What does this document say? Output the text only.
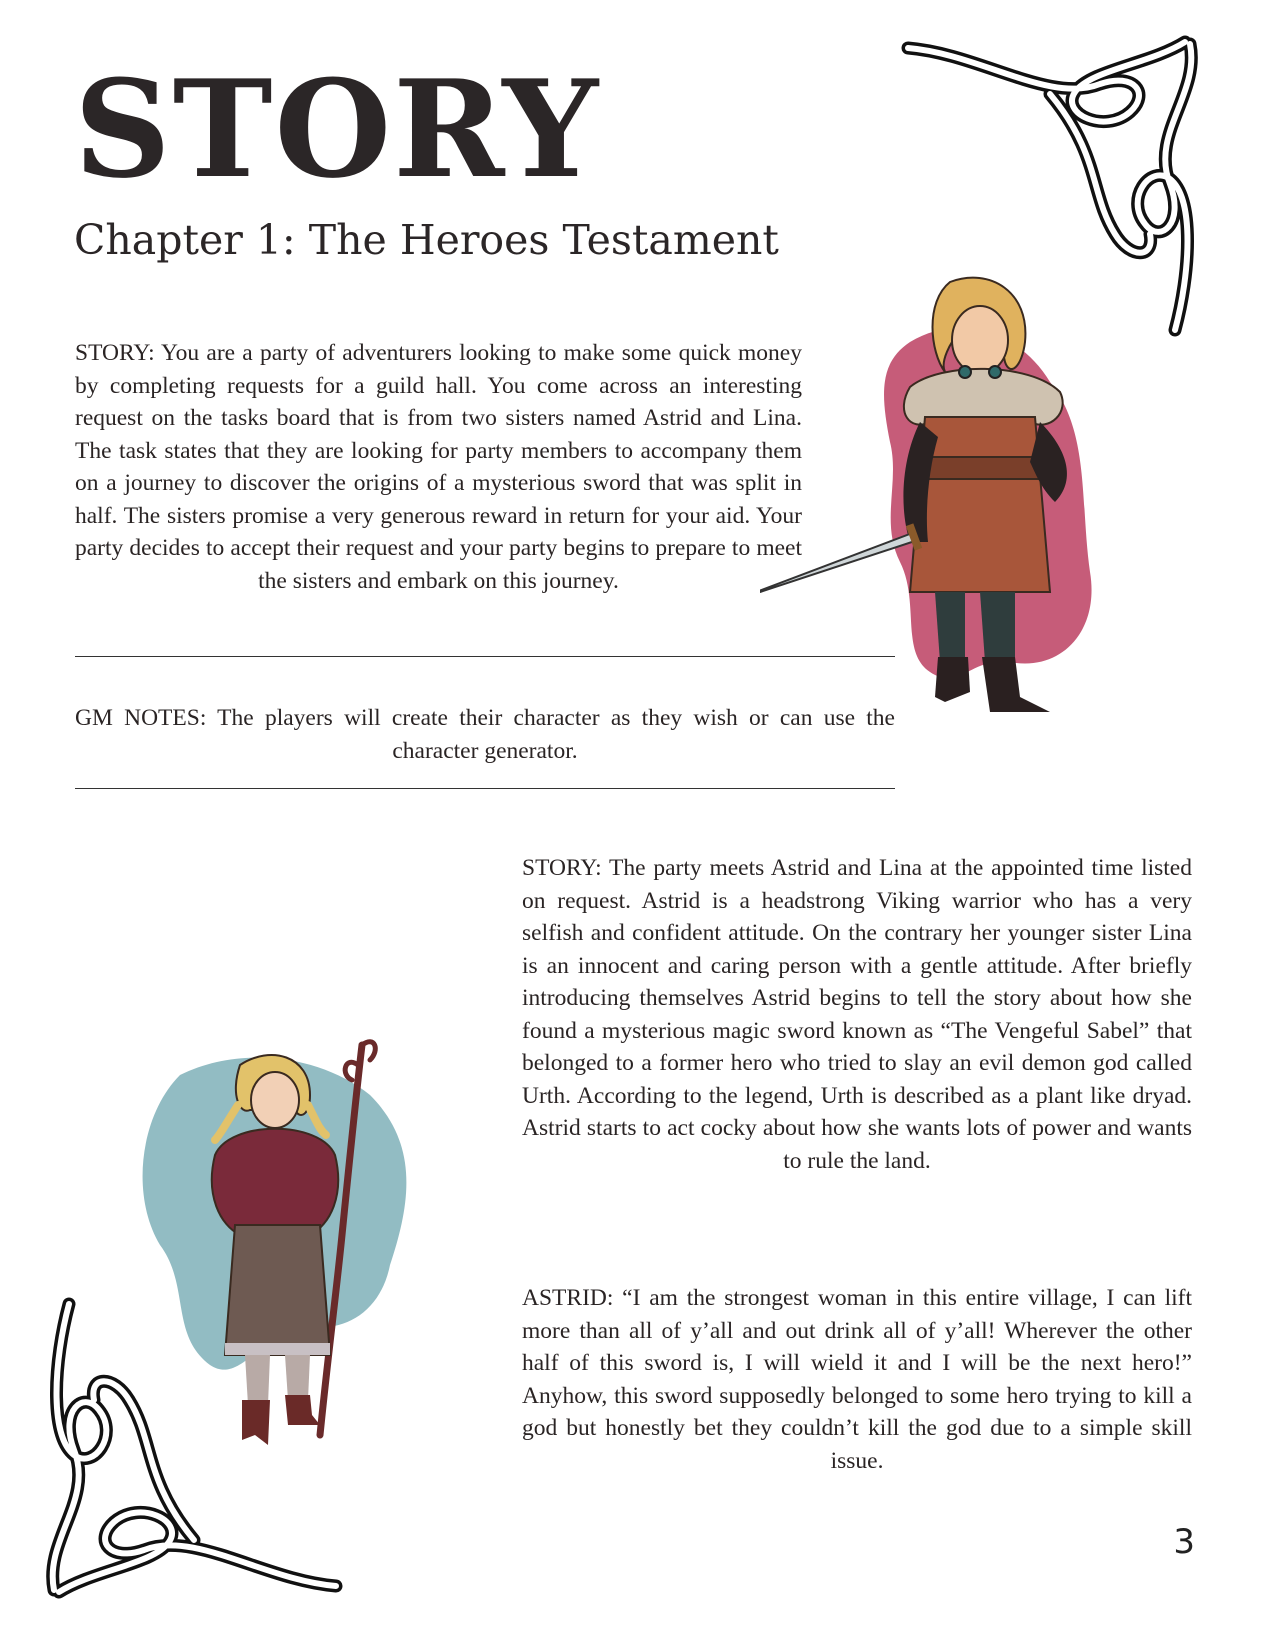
STORY
Chapter 1: The Heroes Testament

STORY: You are a party of adventurers looking to make some quick money by completing requests for a guild hall. You come across an interesting request on the tasks board that is from two sisters named Astrid and Lina. The task states that they are looking for party members to accompany them on a journey to discover the origins of a mysterious sword that was split in half. The sisters promise a very generous reward in return for your aid. Your party decides to accept their request and your party begins to prepare to meet the sisters and embark on this journey.

GM NOTES: The players will create their character as they wish or can use the character generator.

STORY: The party meets Astrid and Lina at the appointed time listed on request. Astrid is a headstrong Viking warrior who has a very selfish and confident attitude. On the contrary her younger sister Lina is an innocent and caring person with a gentle attitude. After briefly introducing themselves Astrid begins to tell the story about how she found a mysterious magic sword known as “The Vengeful Sabel” that belonged to a former hero who tried to slay an evil demon god called Urth. According to the legend, Urth is described as a plant like dryad. Astrid starts to act cocky about how she wants lots of power and wants to rule the land.

ASTRID: “I am the strongest woman in this entire village, I can lift more than all of y’all and out drink all of y’all! Wherever the other half of this sword is, I will wield it and I will be the next hero!” Anyhow, this sword supposedly belonged to some hero trying to kill a god but honestly bet they couldn’t kill the god due to a simple skill issue.

3
